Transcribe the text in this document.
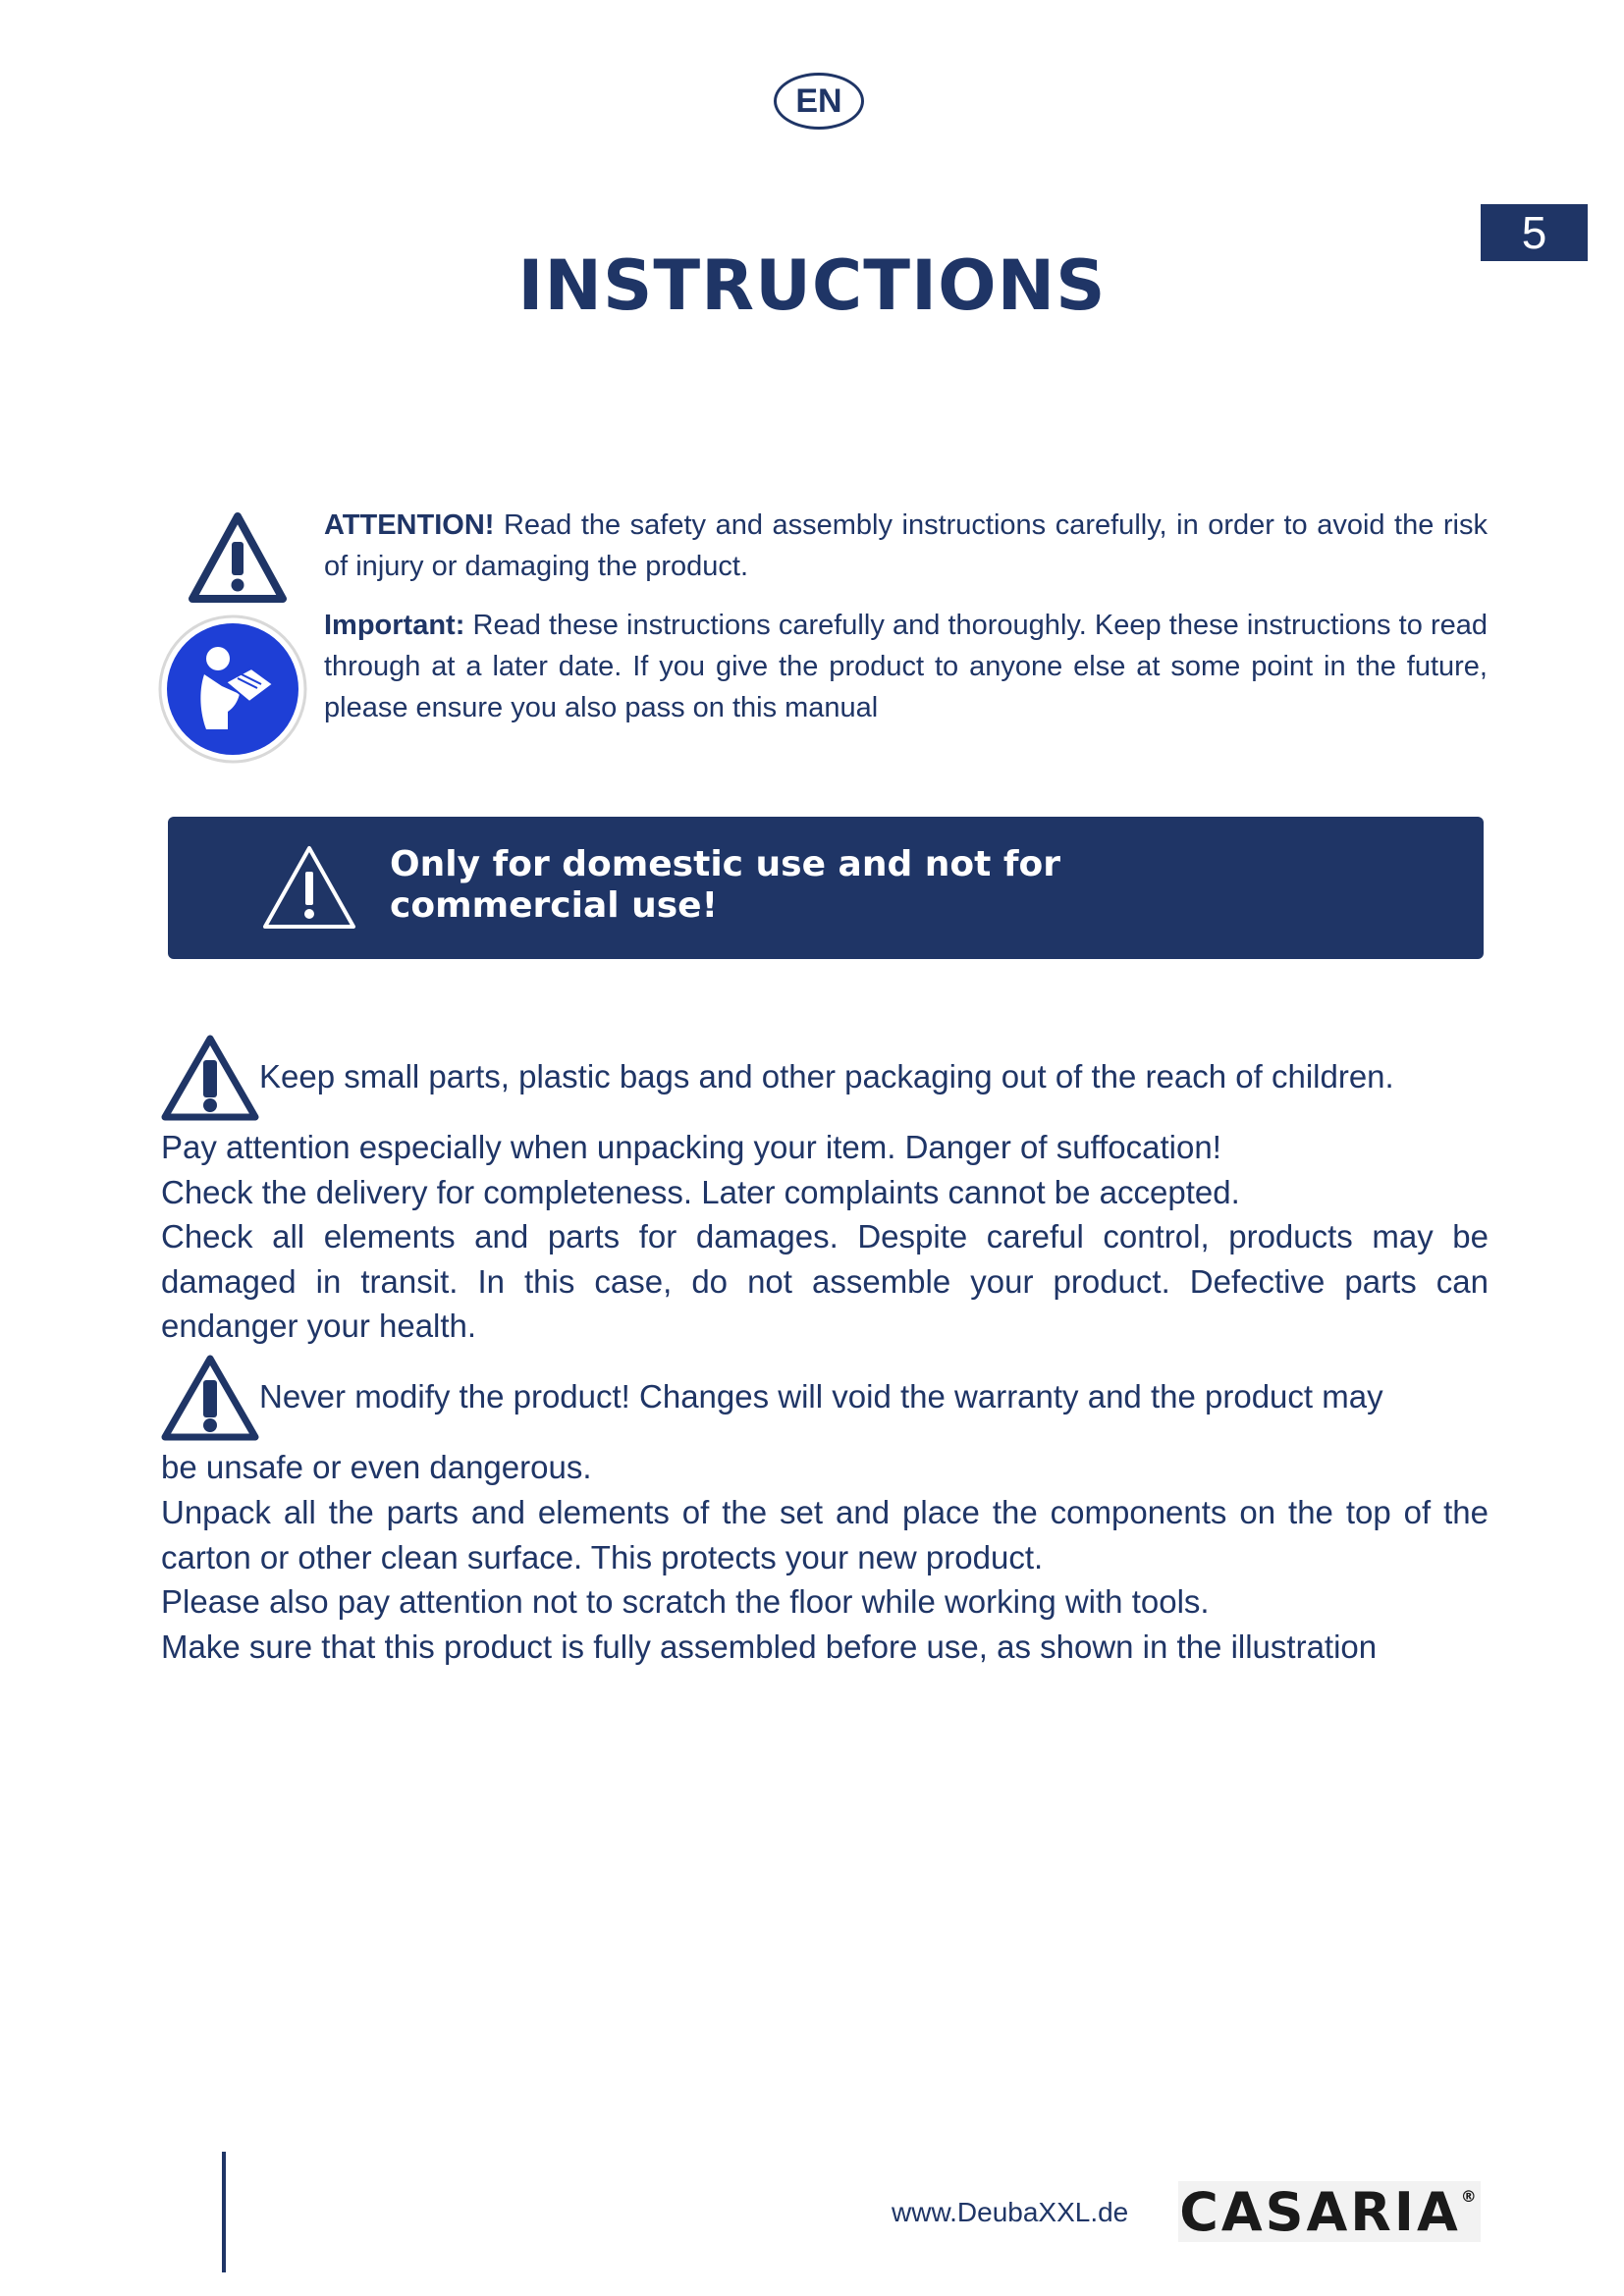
EN
5
INSTRUCTIONS
ATTENTION! Read the safety and assembly instructions carefully, in order to avoid the risk of injury or damaging the product.
Important: Read these instructions carefully and thoroughly. Keep these instructions to read through at a later date. If you give the product to anyone else at some point in the future, please ensure you also pass on this manual
Only for domestic use and not for commercial use!
Keep small parts, plastic bags and other packaging out of the reach of children.
Pay attention especially when unpacking your item. Danger of suffocation!
Check the delivery for completeness. Later complaints cannot be accepted.
Check all elements and parts for damages. Despite careful control, products may be damaged in transit. In this case, do not assemble your product. Defective parts can endanger your health.
Never modify the product! Changes will void the warranty and the product may
be unsafe or even dangerous.
Unpack all the parts and elements of the set and place the components on the top of the carton or other clean surface. This protects your new product.
Please also pay attention not to scratch the floor while working with tools.
Make sure that this product is fully assembled before use, as shown in the illustration
www.DeubaXXL.de CASARIA®
